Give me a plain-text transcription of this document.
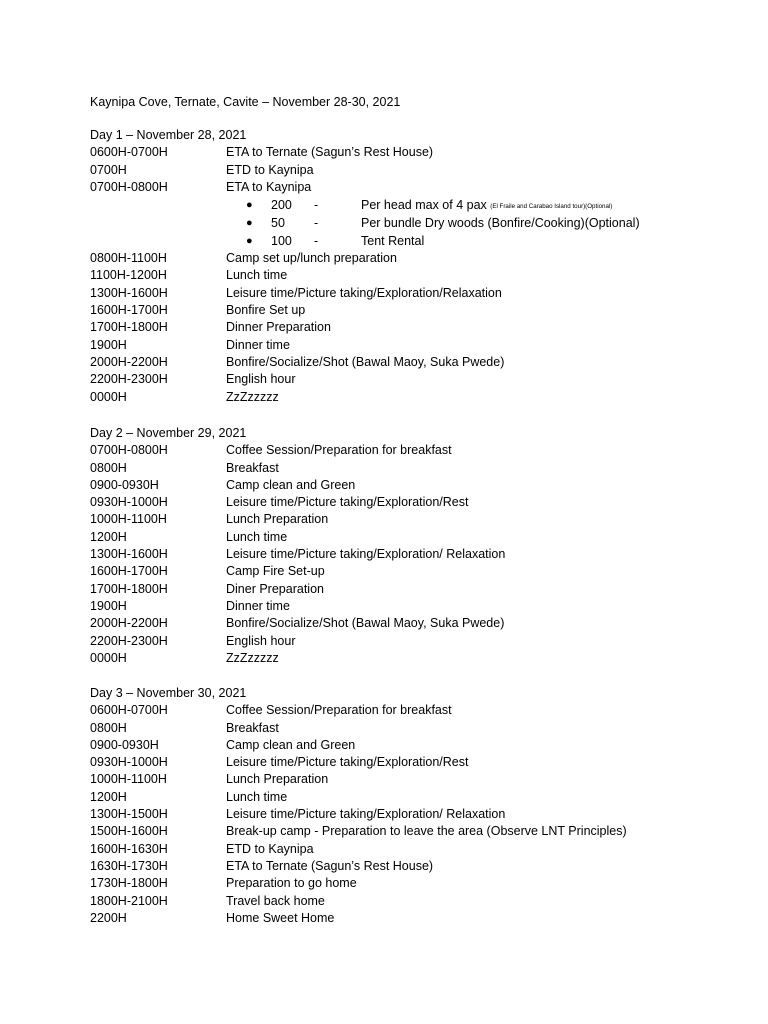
Kaynipa Cove, Ternate, Cavite – November 28-30, 2021
Day 1 – November 28, 2021
0600H-0700H	ETA to Ternate (Sagun’s Rest House)
0700H	ETD to Kaynipa
0700H-0800H	ETA to Kaynipa
● 200 -	Per head max of 4 pax (El Fraile and Carabao Island tour)(Optional)
● 50 -	Per bundle Dry woods (Bonfire/Cooking)(Optional)
● 100 -	Tent Rental
0800H-1100H	Camp set up/lunch preparation
1100H-1200H	Lunch time
1300H-1600H	Leisure time/Picture taking/Exploration/Relaxation
1600H-1700H	Bonfire Set up
1700H-1800H	Dinner Preparation
1900H	Dinner time
2000H-2200H	Bonfire/Socialize/Shot (Bawal Maoy, Suka Pwede)
2200H-2300H	English hour
0000H	ZzZzzzzz
Day 2 – November 29, 2021
0700H-0800H	Coffee Session/Preparation for breakfast
0800H	Breakfast
0900-0930H	Camp clean and Green
0930H-1000H	Leisure time/Picture taking/Exploration/Rest
1000H-1100H	Lunch Preparation
1200H	Lunch time
1300H-1600H	Leisure time/Picture taking/Exploration/ Relaxation
1600H-1700H	Camp Fire Set-up
1700H-1800H	Diner Preparation
1900H	Dinner time
2000H-2200H	Bonfire/Socialize/Shot (Bawal Maoy, Suka Pwede)
2200H-2300H	English hour
0000H	ZzZzzzzz
Day 3 – November 30, 2021
0600H-0700H	Coffee Session/Preparation for breakfast
0800H	Breakfast
0900-0930H	Camp clean and Green
0930H-1000H	Leisure time/Picture taking/Exploration/Rest
1000H-1100H	Lunch Preparation
1200H	Lunch time
1300H-1500H	Leisure time/Picture taking/Exploration/ Relaxation
1500H-1600H	Break-up camp - Preparation to leave the area (Observe LNT Principles)
1600H-1630H	ETD to Kaynipa
1630H-1730H	ETA to Ternate (Sagun’s Rest House)
1730H-1800H	Preparation to go home
1800H-2100H	Travel back home
2200H	Home Sweet Home
